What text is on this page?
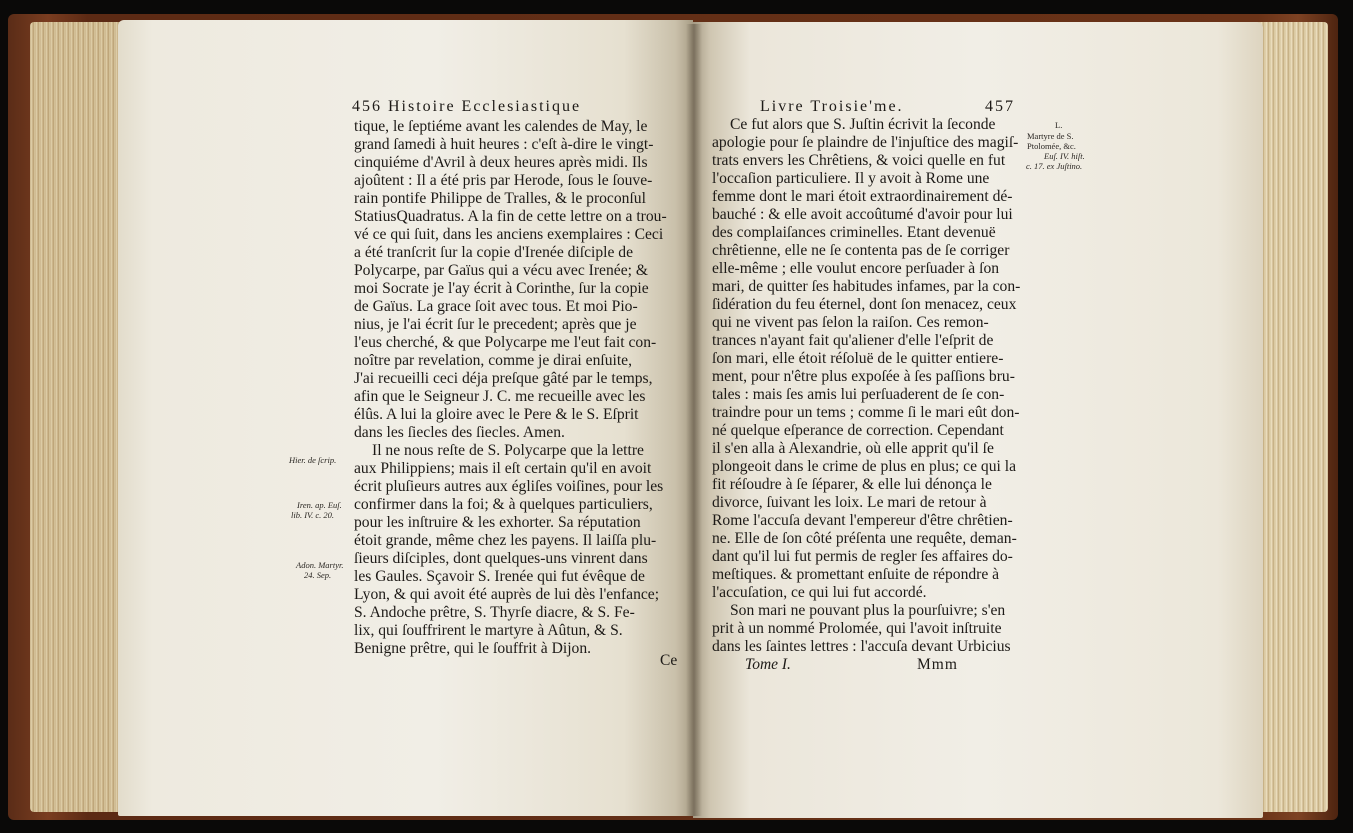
456 Histoire Ecclesiastique
tique, le ſeptiéme avant les calendes de May, le
grand ſamedi à huit heures : c'eſt à-dire le vingt-
cinquiéme d'Avril à deux heures après midi. Ils
ajoûtent : Il a été pris par Herode, ſous le ſouve-
rain pontife Philippe de Tralles, & le proconſul
StatiusQuadratus. A la fin de cette lettre on a trou-
vé ce qui ſuit, dans les anciens exemplaires : Ceci
a été tranſcrit ſur la copie d'Irenée diſciple de
Polycarpe, par Gaïus qui a vécu avec Irenée; &
moi Socrate je l'ay écrit à Corinthe, ſur la copie
de Gaïus. La grace ſoit avec tous. Et moi Pio-
nius, je l'ai écrit ſur le precedent; après que je
l'eus cherché, & que Polycarpe me l'eut fait con-
noître par revelation, comme je dirai enſuite,
J'ai recueilli ceci déja preſque gâté par le temps,
afin que le Seigneur J. C. me recueille avec les
élûs. A lui la gloire avec le Pere & le S. Eſprit
dans les ſiecles des ſiecles. Amen.
Il ne nous reſte de S. Polycarpe que la lettre
aux Philippiens; mais il eſt certain qu'il en avoit
écrit pluſieurs autres aux égliſes voiſines, pour les
confirmer dans la foi; & à quelques particuliers,
pour les inſtruire & les exhorter. Sa réputation
étoit grande, même chez les payens. Il laiſſa plu-
ſieurs diſciples, dont quelques-uns vinrent dans
les Gaules. Sçavoir S. Irenée qui fut évêque de
Lyon, & qui avoit été auprès de lui dès l'enfance;
S. Andoche prêtre, S. Thyrſe diacre, & S. Fe-
lix, qui ſouffrirent le martyre à Aûtun, & S.
Benigne prêtre, qui le ſouffrit à Dijon.
Ce
Hier. de ſcrip.
Iren. ap. Euſ.
lib. IV. c. 20.
Adon. Martyr.
24. Sep.
Livre Troisie'me.	457
Ce fut alors que S. Juſtin écrivit la ſeconde
apologie pour ſe plaindre de l'injuſtice des magiſ-
trats envers les Chrêtiens, & voici quelle en fut
l'occaſion particuliere. Il y avoit à Rome une
femme dont le mari étoit extraordinairement dé-
bauché : & elle avoit accoûtumé d'avoir pour lui
des complaiſances criminelles. Etant devenuë
chrêtienne, elle ne ſe contenta pas de ſe corriger
elle-même ; elle voulut encore perſuader à ſon
mari, de quitter ſes habitudes infames, par la con-
ſidération du feu éternel, dont ſon menacez, ceux
qui ne vivent pas ſelon la raiſon. Ces remon-
trances n'ayant fait qu'aliener d'elle l'eſprit de
ſon mari, elle étoit réſoluë de le quitter entiere-
ment, pour n'être plus expoſée à ſes paſſions bru-
tales : mais ſes amis lui perſuaderent de ſe con-
traindre pour un tems ; comme ſi le mari eût don-
né quelque eſperance de correction. Cependant
il s'en alla à Alexandrie, où elle apprit qu'il ſe
plongeoit dans le crime de plus en plus; ce qui la
fit réſoudre à ſe ſéparer, & elle lui dénonça le
divorce, ſuivant les loix. Le mari de retour à
Rome l'accuſa devant l'empereur d'être chrêtien-
ne. Elle de ſon côté préſenta une requête, deman-
dant qu'il lui fut permis de regler ſes affaires do-
meſtiques. & promettant enſuite de répondre à
l'accuſation, ce qui lui fut accordé.
Son mari ne pouvant plus la pourſuivre; s'en
prit à un nommé Prolomée, qui l'avoit inſtruite
dans les ſaintes lettres : l'accuſa devant Urbicius
Tome I.	Mmm
L.
Martyre de S.
Ptolomée, &c.
Euſ. IV. hiſt.
c. 17. ex Juſtino.
